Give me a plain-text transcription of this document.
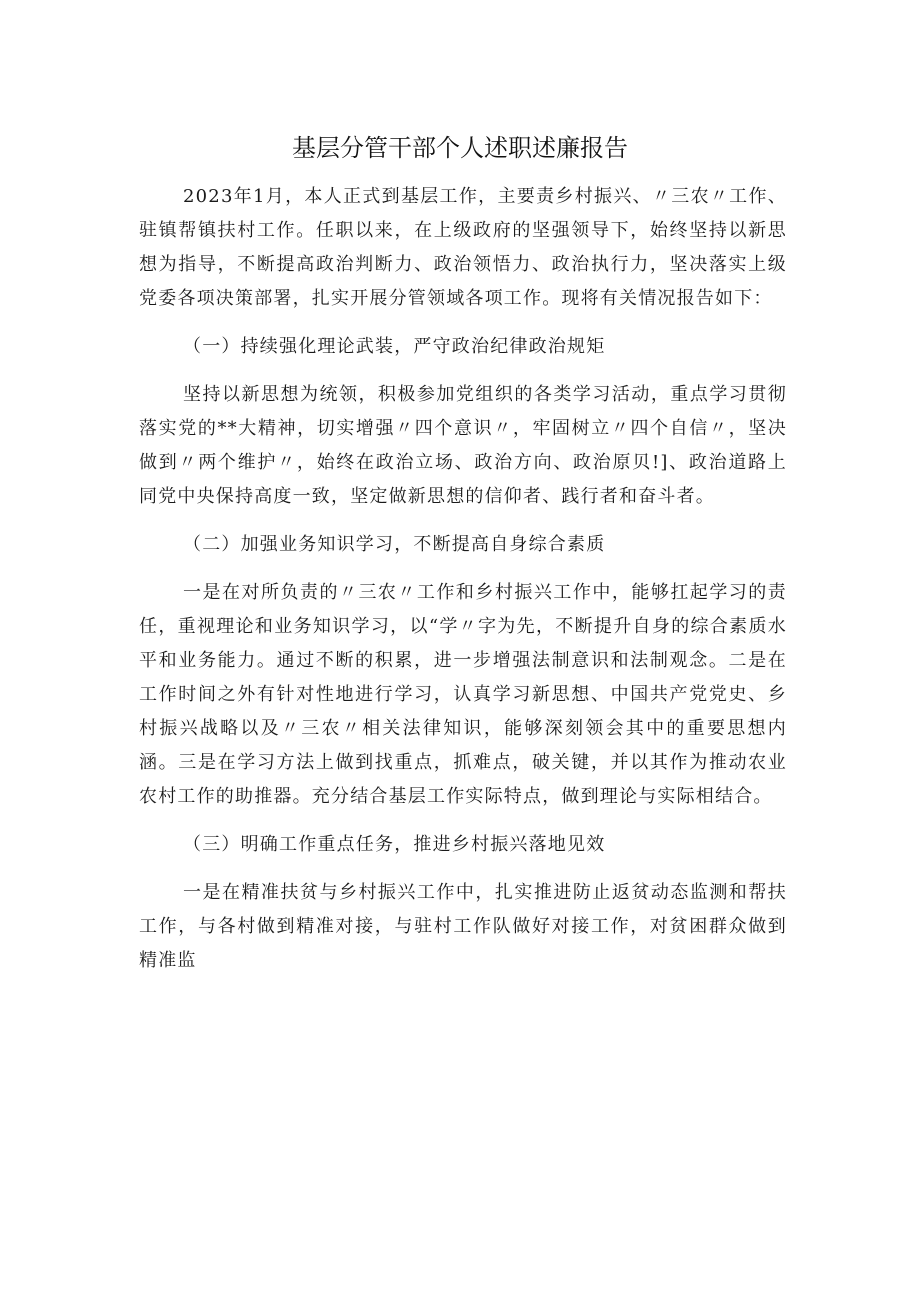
基层分管干部个人述职述廉报告

2023年1月，本人正式到基层工作，主要责乡村振兴、〃三农〃工作、驻镇帮镇扶村工作。任职以来，在上级政府的坚强领导下，始终坚持以新思想为指导，不断提高政治判断力、政治领悟力、政治执行力，坚决落实上级党委各项决策部署，扎实开展分管领域各项工作。现将有关情况报告如下：

（一）持续强化理论武装，严守政治纪律政治规矩

坚持以新思想为统领，积极参加党组织的各类学习活动，重点学习贯彻落实党的**大精神，切实增强〃四个意识〃，牢固树立〃四个自信〃，坚决做到〃两个维护〃，始终在政治立场、政治方向、政治原贝!]、政治道路上同党中央保持高度一致，坚定做新思想的信仰者、践行者和奋斗者。

（二）加强业务知识学习，不断提高自身综合素质

一是在对所负责的〃三农〃工作和乡村振兴工作中，能够扛起学习的责任，重视理论和业务知识学习，以“学〃字为先，不断提升自身的综合素质水平和业务能力。通过不断的积累，进一步增强法制意识和法制观念。二是在工作时间之外有针对性地进行学习，认真学习新思想、中国共产党党史、乡村振兴战略以及〃三农〃相关法律知识，能够深刻领会其中的重要思想内涵。三是在学习方法上做到找重点，抓难点，破关键，并以其作为推动农业农村工作的助推器。充分结合基层工作实际特点，做到理论与实际相结合。

（三）明确工作重点任务，推进乡村振兴落地见效

一是在精准扶贫与乡村振兴工作中，扎实推进防止返贫动态监测和帮扶工作，与各村做到精准对接，与驻村工作队做好对接工作，对贫困群众做到精准监
